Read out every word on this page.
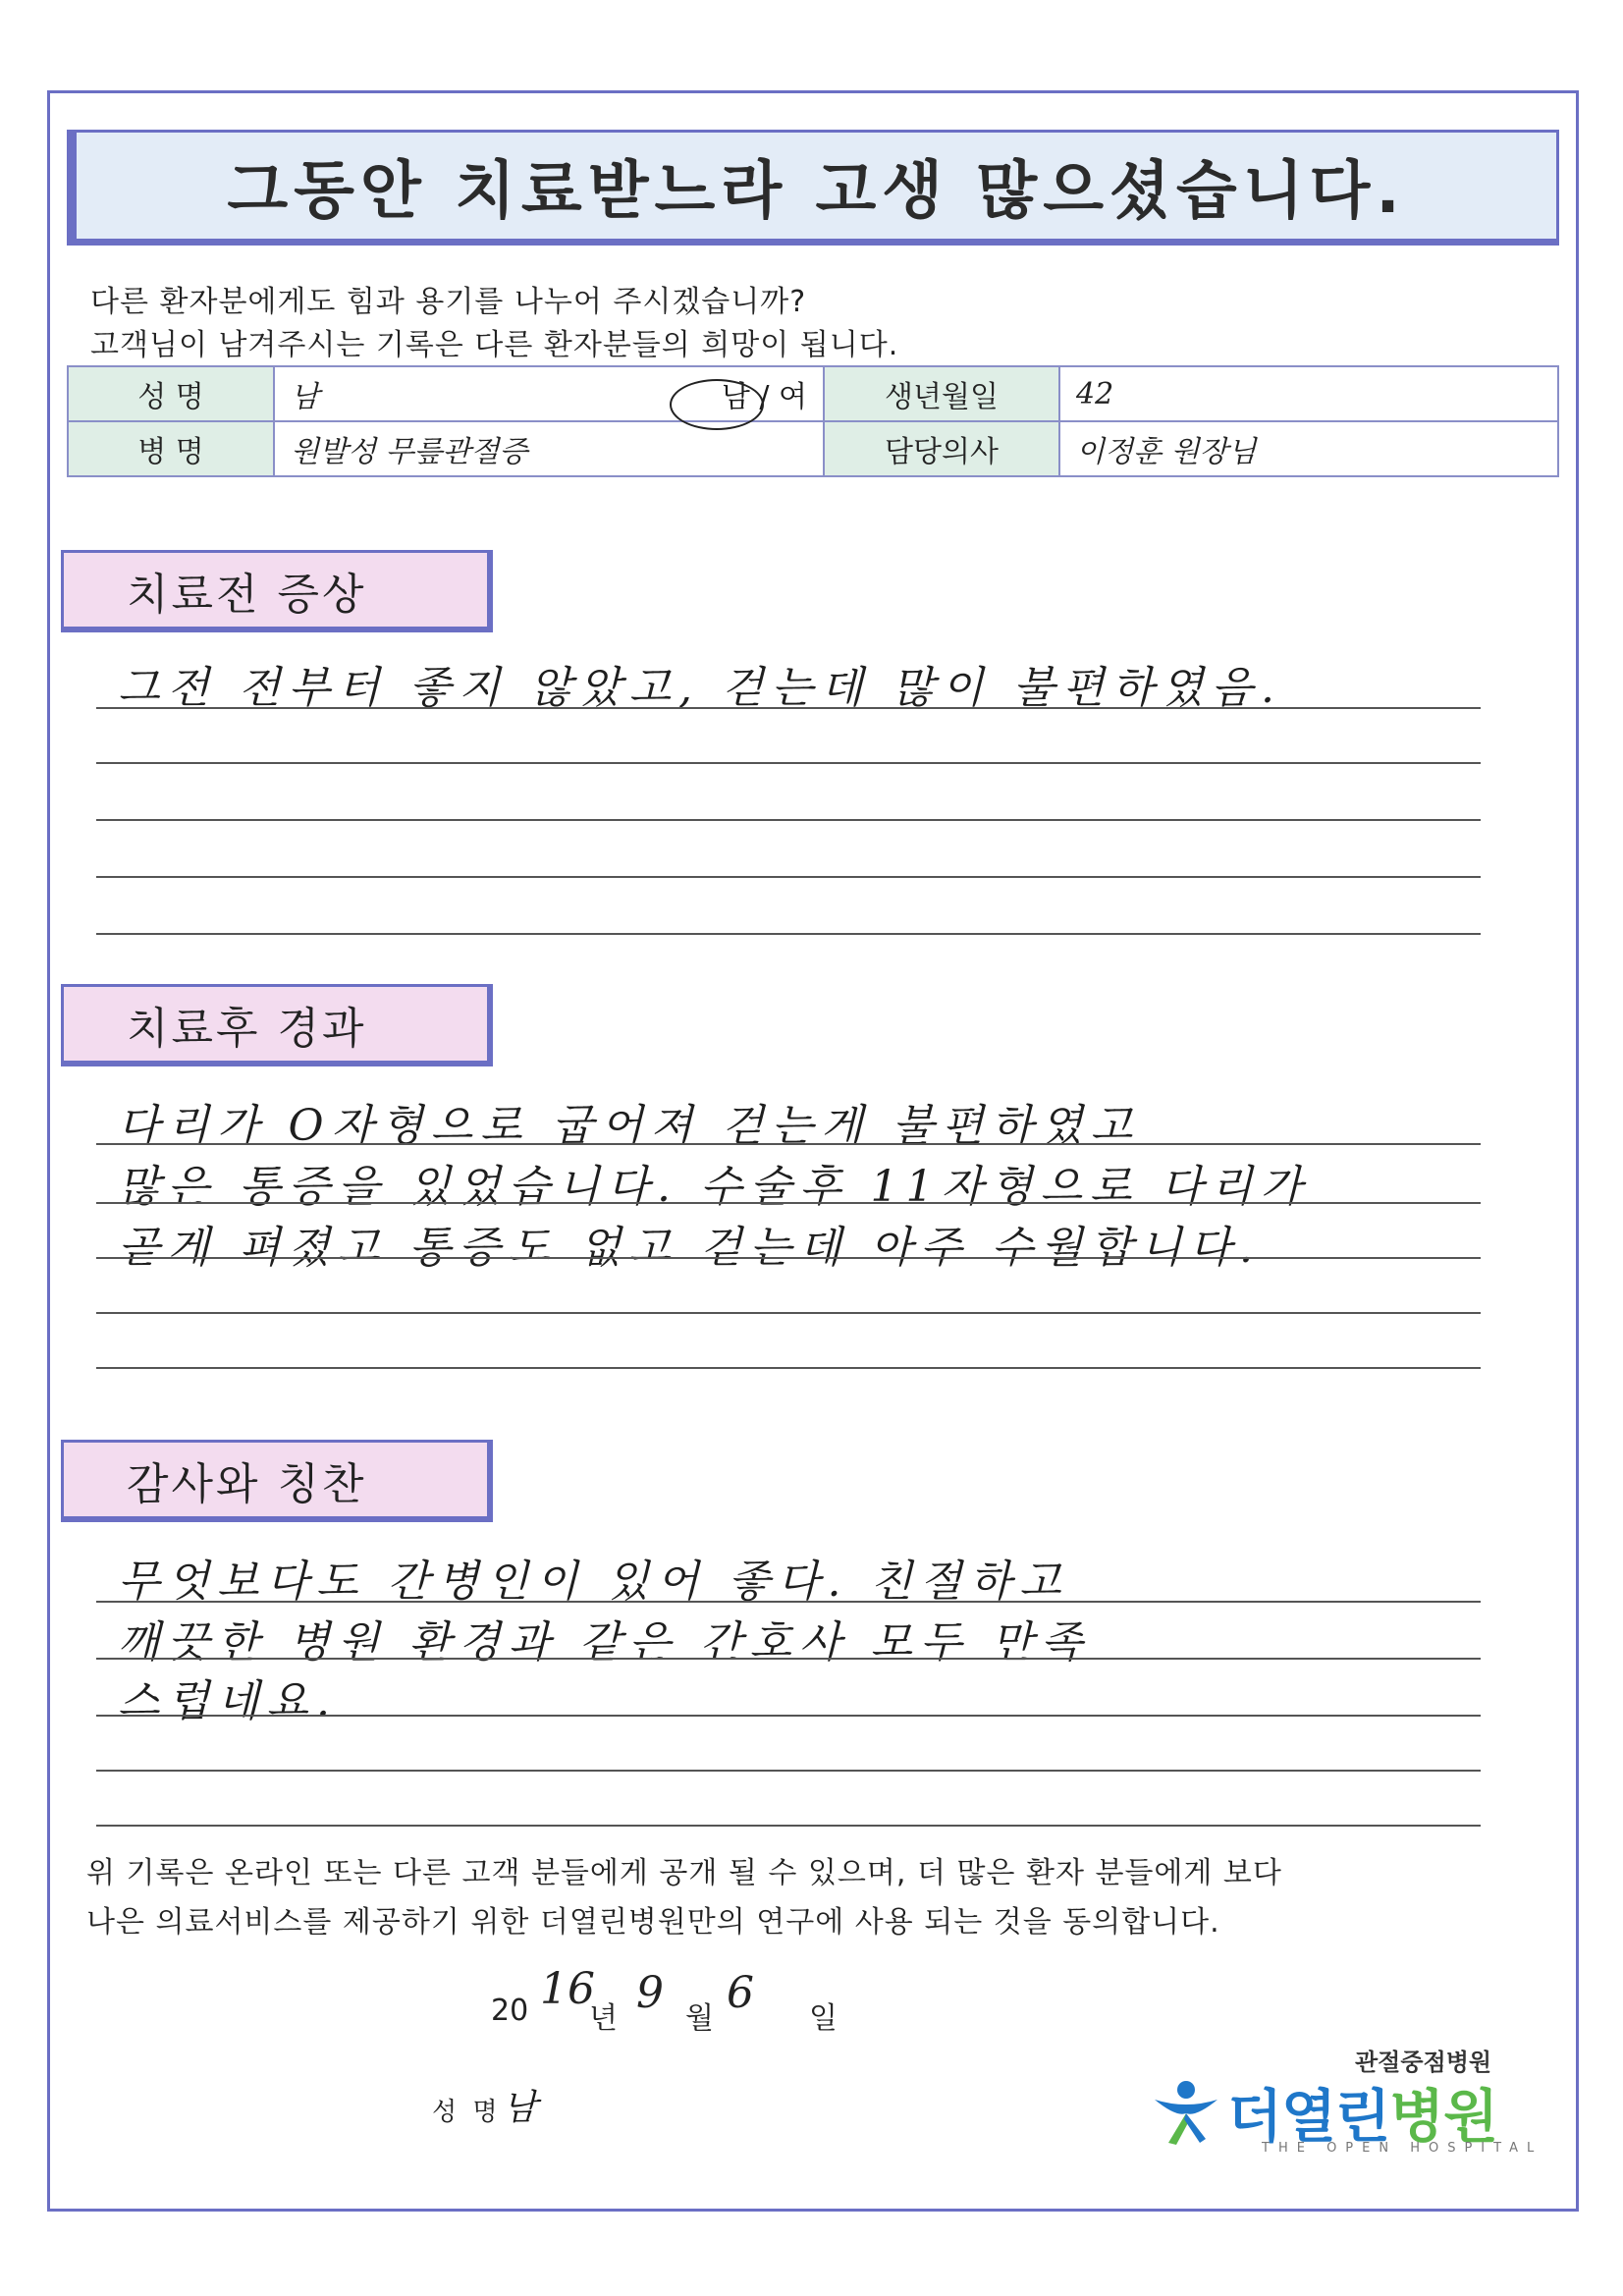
그동안 치료받느라 고생 많으셨습니다.
다른 환자분에게도 힘과 용기를 나누어 주시겠습니까?
고객님이 남겨주시는 기록은 다른 환자분들의 희망이 됩니다.
성 명	남 남 / 여	생년월일	42
병 명	원발성 무릎관절증	담당의사	이정훈 원장님
치료전 증상
그전 전부터 좋지 않았고, 걷는데 많이 불편하였음.
치료후 경과
다리가 O자형으로 굽어져 걷는게 불편하였고
많은 통증을 있었습니다. 수술후 11자형으로 다리가
곧게 펴졌고 통증도 없고 걷는데 아주 수월합니다.
감사와 칭찬
무엇보다도 간병인이 있어 좋다. 친절하고
깨끗한 병원 환경과 같은 간호사 모두 만족
스럽네요.
위 기록은 온라인 또는 다른 고객 분들에게 공개 될 수 있으며, 더 많은 환자 분들에게 보다
나은 의료서비스를 제공하기 위한 더열린병원만의 연구에 사용 되는 것을 동의합니다.
20 16
년
9
월
6
일
성 명 남
관절중점병원
더열린병원
THE OPEN HOSPITAL
